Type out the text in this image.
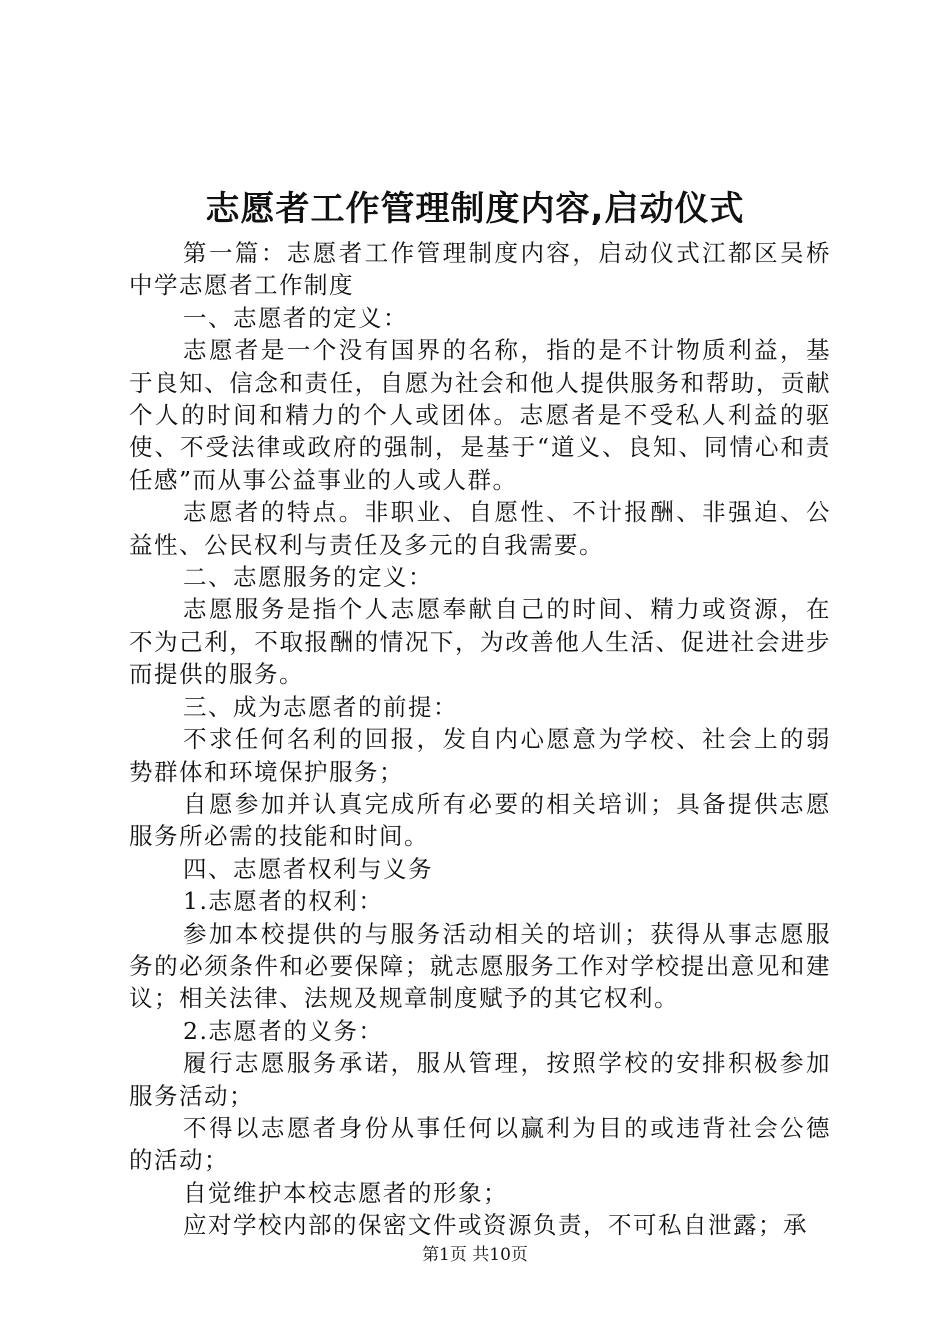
志愿者工作管理制度内容,启动仪式

第一篇：志愿者工作管理制度内容，启动仪式江都区吴桥中学志愿者工作制度

一、志愿者的定义：

志愿者是一个没有国界的名称，指的是不计物质利益，基于良知、信念和责任，自愿为社会和他人提供服务和帮助，贡献个人的时间和精力的个人或团体。志愿者是不受私人利益的驱使、不受法律或政府的强制，是基于“道义、良知、同情心和责任感”而从事公益事业的人或人群。

志愿者的特点。非职业、自愿性、不计报酬、非强迫、公益性、公民权利与责任及多元的自我需要。

二、志愿服务的定义：

志愿服务是指个人志愿奉献自己的时间、精力或资源，在不为己利，不取报酬的情况下，为改善他人生活、促进社会进步而提供的服务。

三、成为志愿者的前提：

不求任何名利的回报，发自内心愿意为学校、社会上的弱势群体和环境保护服务；

自愿参加并认真完成所有必要的相关培训；具备提供志愿服务所必需的技能和时间。

四、志愿者权利与义务

1.志愿者的权利：

参加本校提供的与服务活动相关的培训；获得从事志愿服务的必须条件和必要保障；就志愿服务工作对学校提出意见和建议；相关法律、法规及规章制度赋予的其它权利。

2.志愿者的义务：

履行志愿服务承诺，服从管理，按照学校的安排积极参加服务活动；

不得以志愿者身份从事任何以赢利为目的或违背社会公德的活动；

自觉维护本校志愿者的形象；

应对学校内部的保密文件或资源负责，不可私自泄露；承

第1页 共10页
